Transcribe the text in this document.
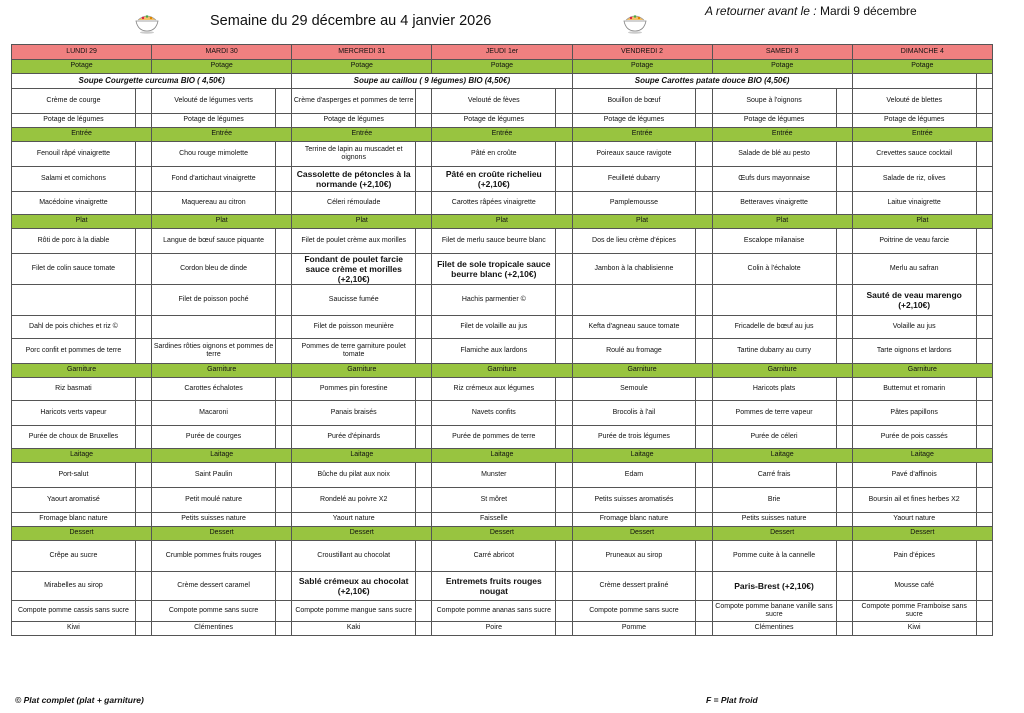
Semaine du 29 décembre au 4 janvier 2026
A retourner avant le : Mardi 9 décembre
LUNDI 29		MARDI 30		MERCREDI 31		JEUDI 1er		VENDREDI 2		SAMEDI 3		DIMANCHE 4	
Potage		Potage		Potage		Potage		Potage		Potage		Potage	
Soupe Courgette curcuma BIO ( 4,50€)				Soupe au caillou ( 9 légumes) BIO (4,50€)				Soupe Carottes patate douce BIO (4,50€)					
Crème de courge		Velouté de légumes verts		Crème d'asperges et pommes de terre		Velouté de fèves		Bouillon de bœuf		Soupe à l'oignons		Velouté de blettes	
Potage de légumes		Potage de légumes		Potage de légumes		Potage de légumes		Potage de légumes		Potage de légumes		Potage de légumes	
Entrée		Entrée		Entrée		Entrée		Entrée		Entrée		Entrée	
Fenouil râpé vinaigrette		Chou rouge mimolette		Terrine de lapin au muscadet et oignons		Pâté en croûte		Poireaux sauce ravigote		Salade de blé au pesto		Crevettes sauce cocktail	
Salami et cornichons		Fond d'artichaut vinaigrette		Cassolette de pétoncles à la normande (+2,10€)		Pâté en croûte richelieu (+2,10€)		Feuilleté dubarry		Œufs durs mayonnaise		Salade de riz, olives	
Macédoine vinaigrette		Maquereau au citron		Céleri rémoulade		Carottes râpées vinaigrette		Pamplemousse		Betteraves vinaigrette		Laitue vinaigrette	
Plat		Plat		Plat		Plat		Plat		Plat		Plat	
Rôti de porc à la diable		Langue de bœuf sauce piquante		Filet de poulet crème aux morilles		Filet de merlu sauce beurre blanc		Dos de lieu crème d'épices		Escalope milanaise		Poitrine de veau farcie	
Filet de colin sauce tomate		Cordon bleu de dinde		Fondant de poulet farcie sauce crème et morilles (+2,10€)		Filet de sole tropicale sauce beurre blanc (+2,10€)		Jambon à la chablisienne		Colin à l'échalote		Merlu au safran	
		Filet de poisson poché		Saucisse fumée		Hachis parmentier ©						Sauté de veau marengo (+2,10€)	
Dahl de pois chiches et riz ©				Filet de poisson meunière		Filet de volaille au jus		Kefta d'agneau sauce tomate		Fricadelle de bœuf au jus		Volaille au jus	
Porc confit et pommes de terre		Sardines rôties oignons et pommes de terre		Pommes de terre garniture poulet tomate		Flamiche aux lardons		Roulé au fromage		Tartine dubarry au curry		Tarte oignons et lardons	
Garniture		Garniture		Garniture		Garniture		Garniture		Garniture		Garniture	
Riz basmati		Carottes échalotes		Pommes pin forestine		Riz crémeux aux légumes		Semoule		Haricots plats		Butternut et romarin	
Haricots verts vapeur		Macaroni		Panais braisés		Navets confits		Brocolis à l'ail		Pommes de terre vapeur		Pâtes papillons	
Purée de choux de Bruxelles		Purée de courges		Purée d'épinards		Purée de pommes de terre		Purée de trois légumes		Purée de céleri		Purée de pois cassés	
Laitage		Laitage		Laitage		Laitage		Laitage		Laitage		Laitage	
Port-salut		Saint Paulin		Bûche du pilat aux noix		Munster		Edam		Carré frais		Pavé d'affinois	
Yaourt aromatisé		Petit moulé nature		Rondelé au poivre X2		St môret		Petits suisses aromatisés		Brie		Boursin ail et fines herbes X2	
Fromage blanc nature		Petits suisses nature		Yaourt nature		Faisselle		Fromage blanc nature		Petits suisses nature		Yaourt nature	
Dessert		Dessert		Dessert		Dessert		Dessert		Dessert		Dessert	
Crêpe au sucre		Crumble pommes fruits rouges		Croustillant au chocolat		Carré abricot		Pruneaux au sirop		Pomme cuite à la cannelle		Pain d'épices	
Mirabelles au sirop		Crème dessert caramel		Sablé crémeux au chocolat (+2,10€)		Entremets fruits rouges nougat		Crème dessert praliné		Paris-Brest (+2,10€)		Mousse café	
Compote pomme cassis sans sucre		Compote pomme sans sucre		Compote pomme mangue sans sucre		Compote pomme ananas sans sucre		Compote pomme sans sucre		Compote pomme banane vanille sans sucre		Compote pomme Framboise sans sucre	
Kiwi		Clémentines		Kaki		Poire		Pomme		Clémentines		Kiwi	
© Plat complet (plat + garniture)	F = Plat froid
